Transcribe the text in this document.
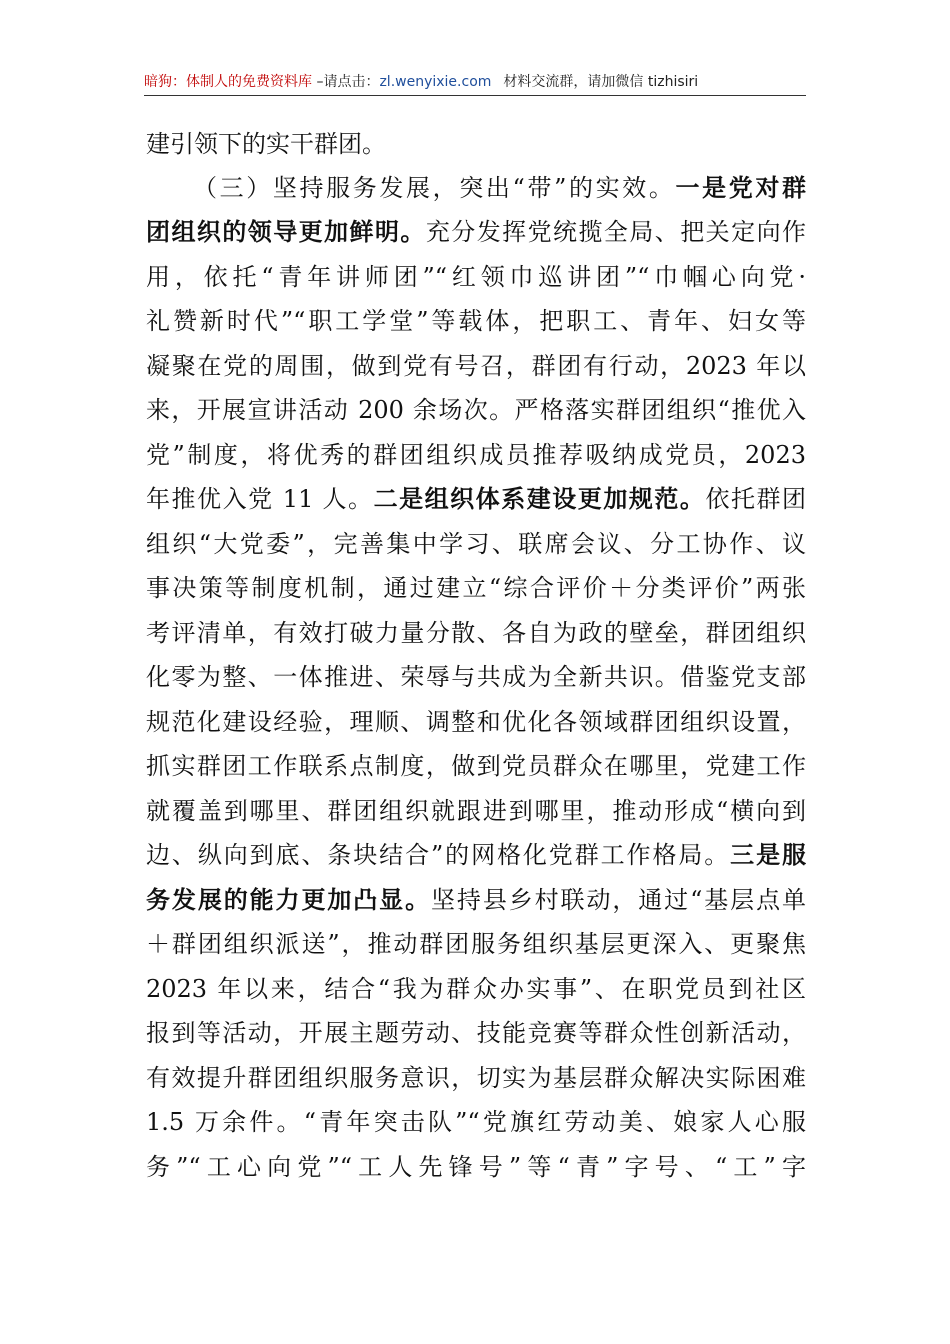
暗狗：体制人的免费资料库 –请点击：zl.wenyixie.com 材料交流群，请加微信 tizhisiri
建引领下的实干群团。
（三）坚持服务发展，突出“带”的实效。一是党对群
团组织的领导更加鲜明。充分发挥党统揽全局、把关定向作
用，依托“青年讲师团”“红领巾巡讲团”“巾帼心向党·
礼赞新时代”“职工学堂”等载体，把职工、青年、妇女等
凝聚在党的周围，做到党有号召，群团有行动，2023 年以
来，开展宣讲活动 200 余场次。严格落实群团组织“推优入
党”制度，将优秀的群团组织成员推荐吸纳成党员，2023
年推优入党 11 人。二是组织体系建设更加规范。依托群团
组织“大党委”，完善集中学习、联席会议、分工协作、议
事决策等制度机制，通过建立“综合评价＋分类评价”两张
考评清单，有效打破力量分散、各自为政的壁垒，群团组织
化零为整、一体推进、荣辱与共成为全新共识。借鉴党支部
规范化建设经验，理顺、调整和优化各领域群团组织设置，
抓实群团工作联系点制度，做到党员群众在哪里，党建工作
就覆盖到哪里、群团组织就跟进到哪里，推动形成“横向到
边、纵向到底、条块结合”的网格化党群工作格局。三是服
务发展的能力更加凸显。坚持县乡村联动，通过“基层点单
＋群团组织派送”，推动群团服务组织基层更深入、更聚焦
2023 年以来，结合“我为群众办实事”、在职党员到社区
报到等活动，开展主题劳动、技能竞赛等群众性创新活动，
有效提升群团组织服务意识，切实为基层群众解决实际困难
1.5 万余件。“青年突击队”“党旗红劳动美、娘家人心服
务”“工心向党”“工人先锋号”等“青”字号、“工”字
